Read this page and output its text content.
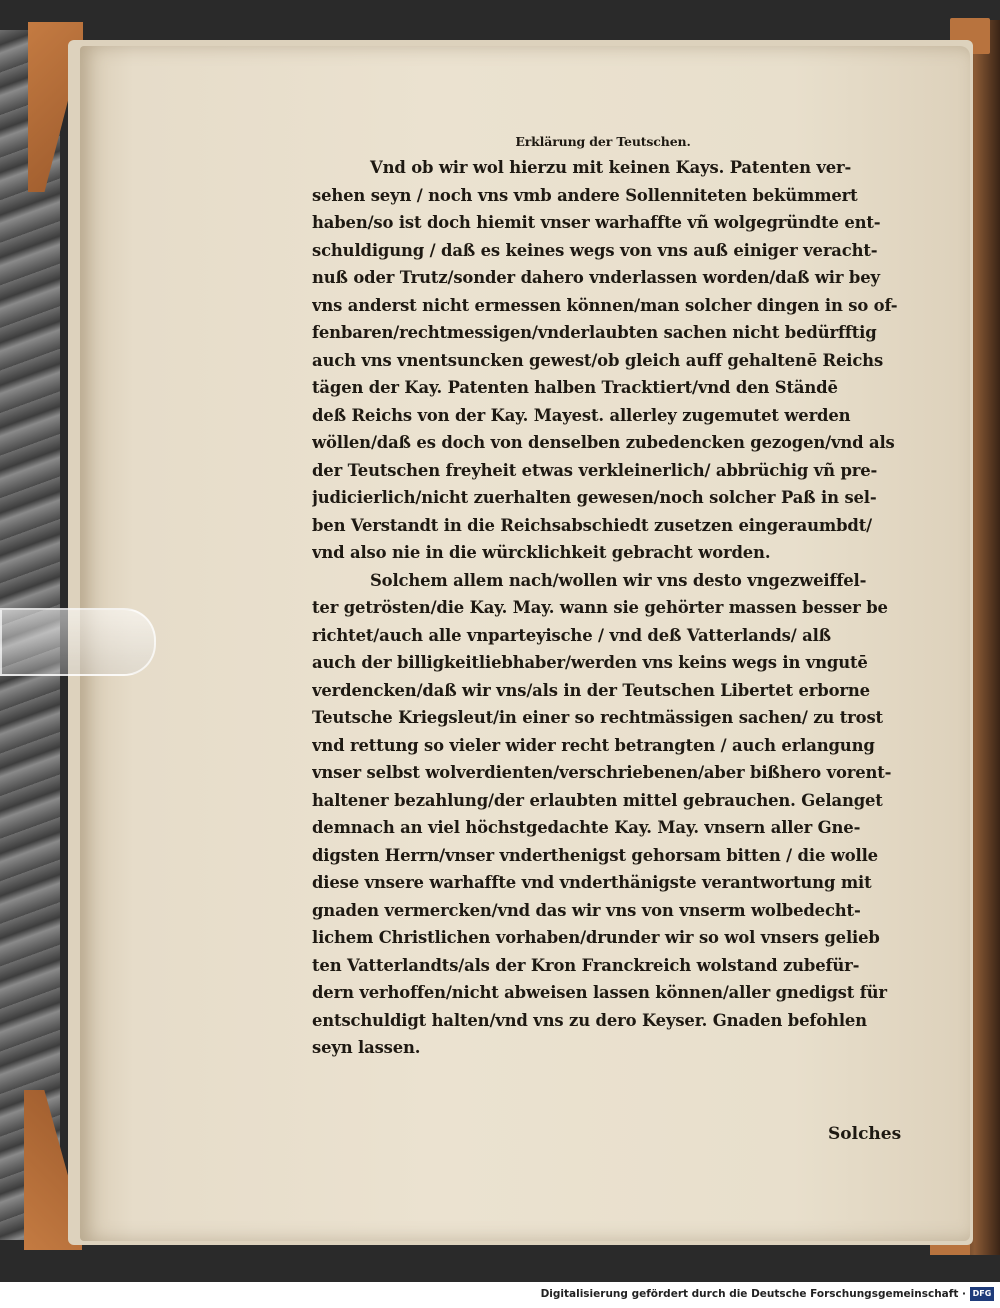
Erklärung der Teutschen.
Vnd ob wir wol hierzu mit keinen Kays. Patenten ver-
sehen seyn / noch vns vmb andere Sollenniteten bekümmert
haben/so ist doch hiemit vnser warhaffte vñ wolgegründte ent-
schuldigung / daß es keines wegs von vns auß einiger veracht-
nuß oder Trutz/sonder dahero vnderlassen worden/daß wir bey
vns anderst nicht ermessen können/man solcher dingen in so of-
fenbaren/rechtmessigen/vnderlaubten sachen nicht bedürfftig
auch vns vnentsuncken gewest/ob gleich auff gehaltenē Reichs
tägen der Kay. Patenten halben Tracktiert/vnd den Ständē
deß Reichs von der Kay. Mayest. allerley zugemutet werden
wöllen/daß es doch von denselben zubedencken gezogen/vnd als
der Teutschen freyheit etwas verkleinerlich/ abbrüchig vñ pre-
judicierlich/nicht zuerhalten gewesen/noch solcher Paß in sel-
ben Verstandt in die Reichsabschiedt zusetzen eingeraumbdt/
vnd also nie in die würcklichkeit gebracht worden.
Solchem allem nach/wollen wir vns desto vngezweiffel-
ter getrösten/die Kay. May. wann sie gehörter massen besser be
richtet/auch alle vnparteyische / vnd deß Vatterlands/ alß
auch der billigkeitliebhaber/werden vns keins wegs in vngutē
verdencken/daß wir vns/als in der Teutschen Libertet erborne
Teutsche Kriegsleut/in einer so rechtmässigen sachen/ zu trost
vnd rettung so vieler wider recht betrangten / auch erlangung
vnser selbst wolverdienten/verschriebenen/aber bißhero vorent-
haltener bezahlung/der erlaubten mittel gebrauchen. Gelanget
demnach an viel höchstgedachte Kay. May. vnsern aller Gne-
digsten Herrn/vnser vnderthenigst gehorsam bitten / die wolle
diese vnsere warhaffte vnd vnderthänigste verantwortung mit
gnaden vermercken/vnd das wir vns von vnserm wolbedecht-
lichem Christlichen vorhaben/drunder wir so wol vnsers gelieb
ten Vatterlandts/als der Kron Franckreich wolstand zubefür-
dern verhoffen/nicht abweisen lassen können/aller gnedigst für
entschuldigt halten/vnd vns zu dero Keyser. Gnaden befohlen
seyn lassen.
Solches
Digitalisierung gefördert durch die Deutsche Forschungsgemeinschaft · DFG
